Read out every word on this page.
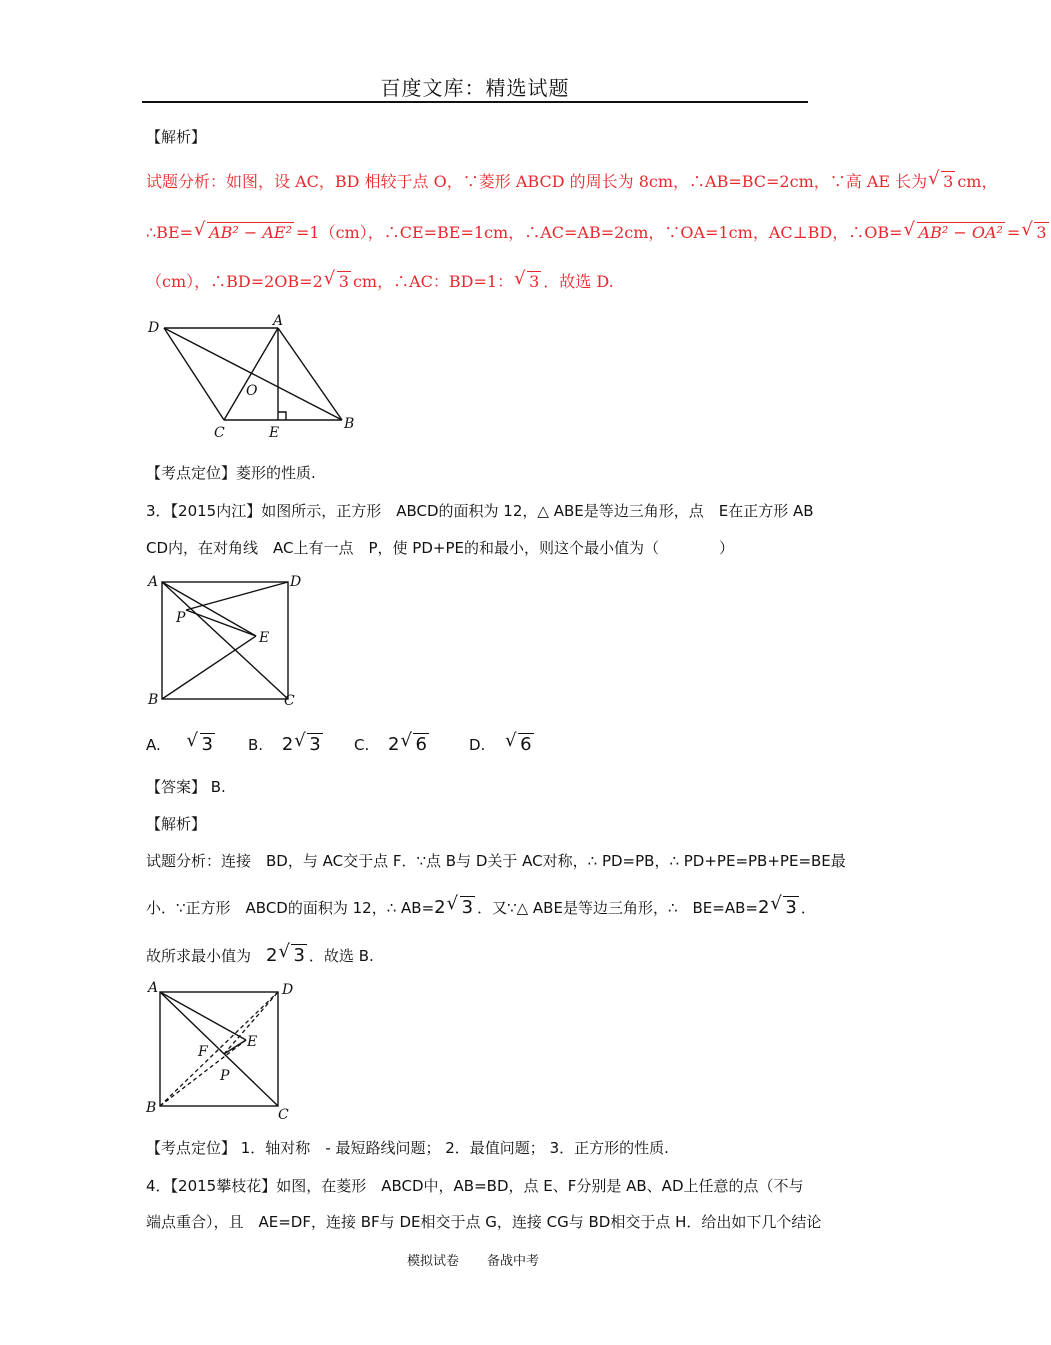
百度文库：精选试题
【解析】
试题分析：如图，设 AC，BD 相较于点 O，∵菱形 ABCD 的周长为 8cm，∴AB=BC=2cm，∵高 AE 长为 √ 3 cm，
∴BE= √ AB² − AE² =1（cm），∴CE=BE=1cm，∴AC=AB=2cm，∵OA=1cm，AC⊥BD，∴OB= √ AB² − OA² = √ 3
（cm），∴BD=2OB=2 √ 3 cm，∴AC：BD=1： √ 3 ．故选 D.
D	A
O
C	E
B
【考点定位】菱形的性质.
3．【2015内江】如图所示，正方形　ABCD的面积为 12，△ ABE是等边三角形，点　E在正方形 AB
CD内，在对角线　AC上有一点　P，使 PD+PE的和最小，则这个最小值为（　　　　）
A	D
P
E
B	C
A. √ 3 B. 2 √ 3 C. 2 √ 6	D. √ 6
【答案】 B.
【解析】
试题分析：连接　BD，与 AC交于点 F．∵点 B与 D关于 AC对称，∴ PD=PB，∴ PD+PE=PB+PE=BE最
小．∵正方形　ABCD的面积为 12，∴ AB=2 √ 3 ．又∵△ ABE是等边三角形，∴　BE=AB=2 √ 3 ．
故所求最小值为　2 √ 3 ．故选 B.
A	D
F
E
P
B	C
【考点定位】 1．轴对称　- 最短路线问题； 2．最值问题； 3．正方形的性质.
4．【2015攀枝花】如图，在菱形　ABCD中，AB=BD，点 E、F分别是 AB、AD上任意的点（不与
端点重合），且　AE=DF，连接 BF与 DE相交于点 G，连接 CG与 BD相交于点 H．给出如下几个结论
模拟试卷 备战中考
